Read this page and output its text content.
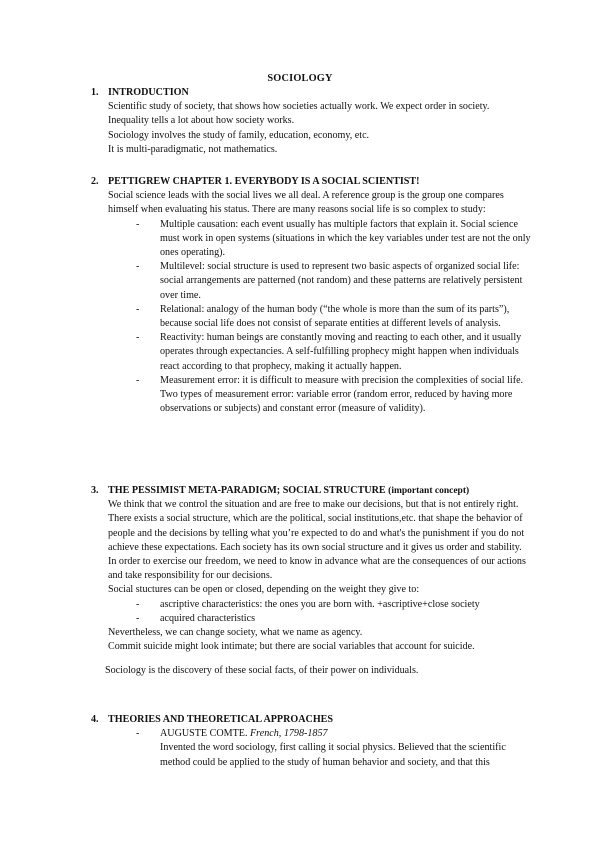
SOCIOLOGY
1. INTRODUCTION

Scientific study of society, that shows how societies actually work. We expect order in society. Inequality tells a lot about how society works.

Sociology involves the study of family, education, economy, etc.

It is multi-paradigmatic, not mathematics.

2. PETTIGREW CHAPTER 1. EVERYBODY IS A SOCIAL SCIENTIST!

Social science leads with the social lives we all deal. A reference group is the group one compares himself when evaluating his status. There are many reasons social life is so complex to study:

- Multiple causation: each event usually has multiple factors that explain it. Social science must work in open systems (situations in which the key variables under test are not the only ones operating).
- Multilevel: social structure is used to represent two basic aspects of organized social life: social arrangements are patterned (not random) and these patterns are relatively persistent over time.
- Relational: analogy of the human body (“the whole is more than the sum of its parts”), because social life does not consist of separate entities at different levels of analysis.
- Reactivity: human beings are constantly moving and reacting to each other, and it usually operates through expectancies. A self-fulfilling prophecy might happen when individuals react according to that prophecy, making it actually happen.
- Measurement error: it is difficult to measure with precision the complexities of social life. Two types of measurement error: variable error (random error, reduced by having more observations or subjects) and constant error (measure of validity).
3. THE PESSIMIST META-PARADIGM; SOCIAL STRUCTURE (important concept)

We think that we control the situation and are free to make our decisions, but that is not entirely right.

There exists a social structure, which are the political, social institutions,etc. that shape the behavior of people and the decisions by telling what you’re expected to do and what's the punishment if you do not achieve these expectations. Each society has its own social structure and it gives us order and stability. In order to exercise our freedom, we need to know in advance what are the consequences of our actions and take responsibility for our decisions.

Social stuctures can be open or closed, depending on the weight they give to:

- ascriptive characteristics: the ones you are born with. +ascriptive+close society
- acquired characteristics

Nevertheless, we can change society, what we name as agency.

Commit suicide might look intimate; but there are social variables that account for suicide.

Sociology is the discovery of these social facts, of their power on individuals.

4. THEORIES AND THEORETICAL APPROACHES
- AUGUSTE COMTE. French, 1798-1857
Invented the word sociology, first calling it social physics. Believed that the scientific method could be applied to the study of human behavior and society, and that this
